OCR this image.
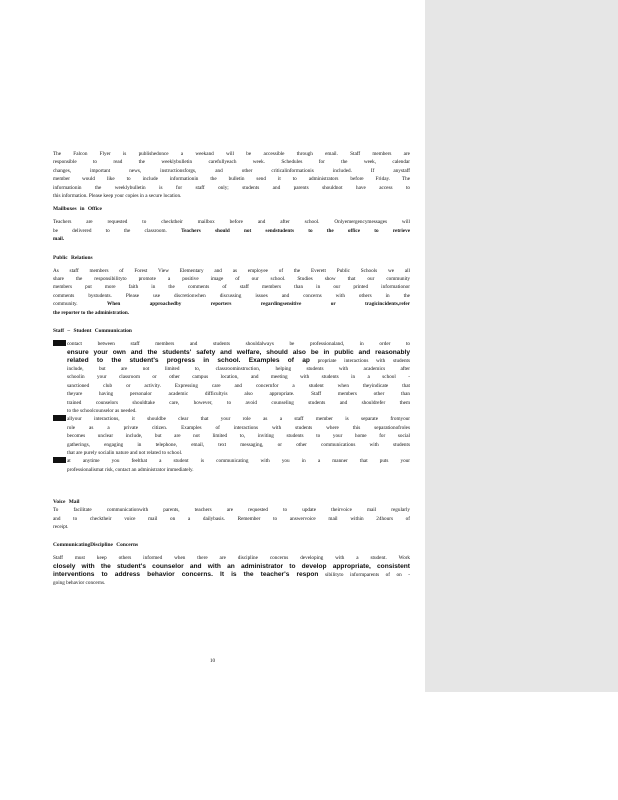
The Falcon Flyer is publishedonce a weekand will be accessible through email. Staff members are

responsible to read the weeklybulletin carefullyeach week. Schedules for the week, calendar

changes, important news, instructionsforgs, and other criticalinformationis included. If anystaff

member would like to include informationin the bulletin send it to administrators before Friday. The

informationin the weeklybulletin is for staff only; students and parents shouldnot have access to

this information. Please keep your copies in a secure location.

Mailboxes in Office

Teachers are requested to checktheir mailbox before and after school. Onlyemergencymessages will

be delivered to the classroom.	Teachers should not sendstudents to the office to retrieve

mail.

Public Relations

As staff members of Forest View Elementary and as employee of the Everett Public Schools we all

share the responsibilityto promote a positive image of our school. Studies show that our community

members put more faith in the comments of staff members than in our printed informationor

comments bystudents. Please use discretionwhen discussing issues and concerns with others in the

community.	When approachedby reporters regardingsensitive or tragicincidents,refer

the reporter to the administration.

Staff – Student Communication

contact between staff members and students shouldalways be professionaland, in order to

ensure your own and the students' safety and welfare, should also be in public and reasonably

related to the student's progress in school. Examples of ap propriate interactions with students

include, but are not limited to, classroominstruction, helping students with academics after

schoolin your classroom or other campus location, and meeting with students in a school -

sanctioned club or activity. Expressing care and concernfor a student when theyindicate that

theyare having personalor academic difficultyis also appropriate. Staff members other than

trained counselors shouldtake care, however, to avoid counseling students and shouldrefer them

to the schoolcounselor as needed.

allyour interactions, it shouldbe clear that your role as a staff member is separate fromyour

role as a private citizen. Examples of interactions with students where this separationofroles

becomes unclear include, but are not limited to, inviting students to your home for social

gatherings, engaging in telephone, email, text messaging, or other communications with students

that are purely socialin nature and not related to school.

at anytime you feelthat a student is communicating with you in a manner that puts your

professionalismat risk, contact an administrator immediately.

Voice Mail

To facilitate communicationwith parents, teachers are requested to update theirvoice mail regularly

and to checktheir voice mail on a dailybasis. Remember to answervoice mail within 24hours of

receipt.

CommunicatingDiscipline Concerns

Staff must keep others informed when there are discipline concerns developing with a student. Work

closely with the student's counselor and with an administrator to develop appropriate, consistent

interventions to address behavior concerns. It is the teacher's respon sibilityto informparents of on -

going behavior concerns.

10
